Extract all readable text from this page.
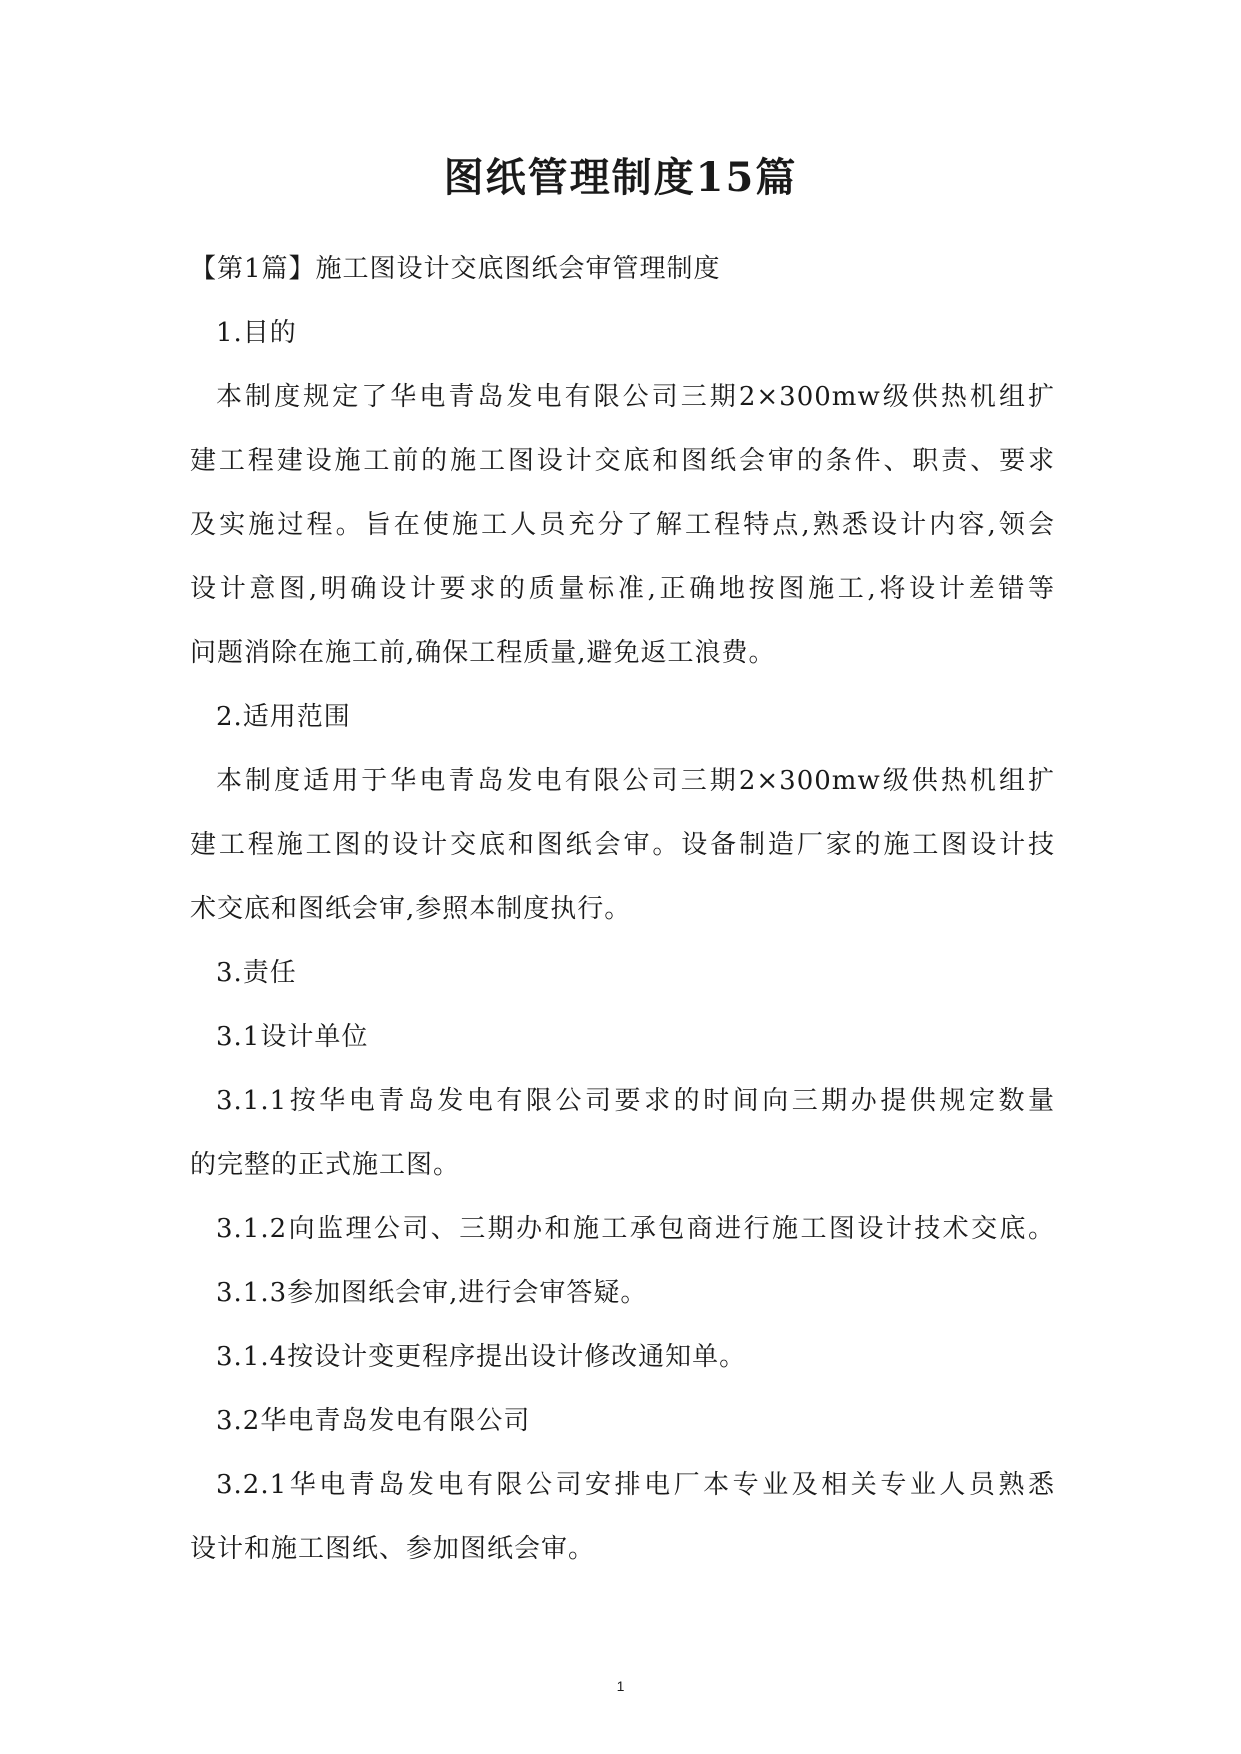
图纸管理制度15篇

【第1篇】施工图设计交底图纸会审管理制度

1.目的

本制度规定了华电青岛发电有限公司三期2×300mw级供热机组扩

建工程建设施工前的施工图设计交底和图纸会审的条件、职责、要求

及实施过程。旨在使施工人员充分了解工程特点,熟悉设计内容,领会

设计意图,明确设计要求的质量标准,正确地按图施工,将设计差错等

问题消除在施工前,确保工程质量,避免返工浪费。

2.适用范围

本制度适用于华电青岛发电有限公司三期2×300mw级供热机组扩

建工程施工图的设计交底和图纸会审。设备制造厂家的施工图设计技

术交底和图纸会审,参照本制度执行。

3.责任

3.1设计单位

3.1.1按华电青岛发电有限公司要求的时间向三期办提供规定数量

的完整的正式施工图。

3.1.2向监理公司、三期办和施工承包商进行施工图设计技术交底。

3.1.3参加图纸会审,进行会审答疑。

3.1.4按设计变更程序提出设计修改通知单。

3.2华电青岛发电有限公司

3.2.1华电青岛发电有限公司安排电厂本专业及相关专业人员熟悉

设计和施工图纸、参加图纸会审。

1
